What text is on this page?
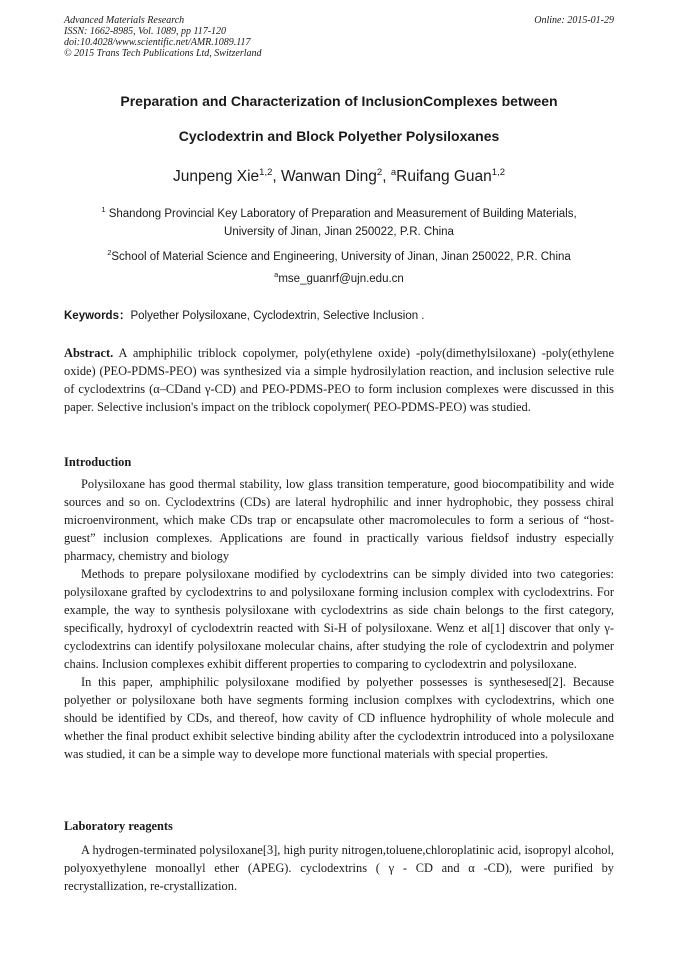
Advanced Materials Research
ISSN: 1662-8985, Vol. 1089, pp 117-120
doi:10.4028/www.scientific.net/AMR.1089.117
© 2015 Trans Tech Publications Ltd, Switzerland
Online: 2015-01-29
Preparation and Characterization of InclusionComplexes between
Cyclodextrin and Block Polyether Polysiloxanes
Junpeng Xie$^{1,2}$, Wanwan Ding$^2$, $^a$Ruifang Guan$^{1,2}$
$^1$ Shandong Provincial Key Laboratory of Preparation and Measurement of Building Materials,
University of Jinan, Jinan 250022, P.R. China
$^2$School of Material Science and Engineering, University of Jinan, Jinan 250022, P.R. China
$^a$mse_guanrf@ujn.edu.cn
Keywords：Polyether Polysiloxane, Cyclodextrin, Selective Inclusion .

Abstract. A amphiphilic triblock copolymer, poly(ethylene oxide) -poly(dimethylsiloxane) -poly(ethylene oxide) (PEO-PDMS-PEO) was synthesized via a simple hydrosilylation reaction, and inclusion selective rule of cyclodextrins (α–CDand γ-CD) and PEO-PDMS-PEO to form inclusion complexes were discussed in this paper. Selective inclusion's impact on the triblock copolymer( PEO-PDMS-PEO) was studied.

Introduction

Polysiloxane has good thermal stability, low glass transition temperature, good biocompatibility and wide sources and so on. Cyclodextrins (CDs) are lateral hydrophilic and inner hydrophobic, they possess chiral microenvironment, which make CDs trap or encapsulate other macromolecules to form a serious of “host-guest” inclusion complexes. Applications are found in practically various fieldsof industry especially pharmacy, chemistry and biology

Methods to prepare polysiloxane modified by cyclodextrins can be simply divided into two categories: polysiloxane grafted by cyclodextrins to and polysiloxane forming inclusion complex with cyclodextrins. For example, the way to synthesis polysiloxane with cyclodextrins as side chain belongs to the first category, specifically, hydroxyl of cyclodextrin reacted with Si-H of polysiloxane. Wenz et al[1] discover that only γ- cyclodextrins can identify polysiloxane molecular chains, after studying the role of cyclodextrin and polymer chains. Inclusion complexes exhibit different properties to comparing to cyclodextrin and polysiloxane.

In this paper, amphiphilic polysiloxane modified by polyether possesses is synthesesed[2]. Because polyether or polysiloxane both have segments forming inclusion complxes with cyclodextrins, which one should be identified by CDs, and thereof, how cavity of CD influence hydrophility of whole molecule and whether the final product exhibit selective binding ability after the cyclodextrin introduced into a polysiloxane was studied, it can be a simple way to develope more functional materials with special properties.

Laboratory reagents

A hydrogen-terminated polysiloxane[3], high purity nitrogen,toluene,chloroplatinic acid, isopropyl alcohol, polyoxyethylene monoallyl ether (APEG). cyclodextrins ( γ - CD and α -CD), were purified by recrystallization, re-crystallization.
